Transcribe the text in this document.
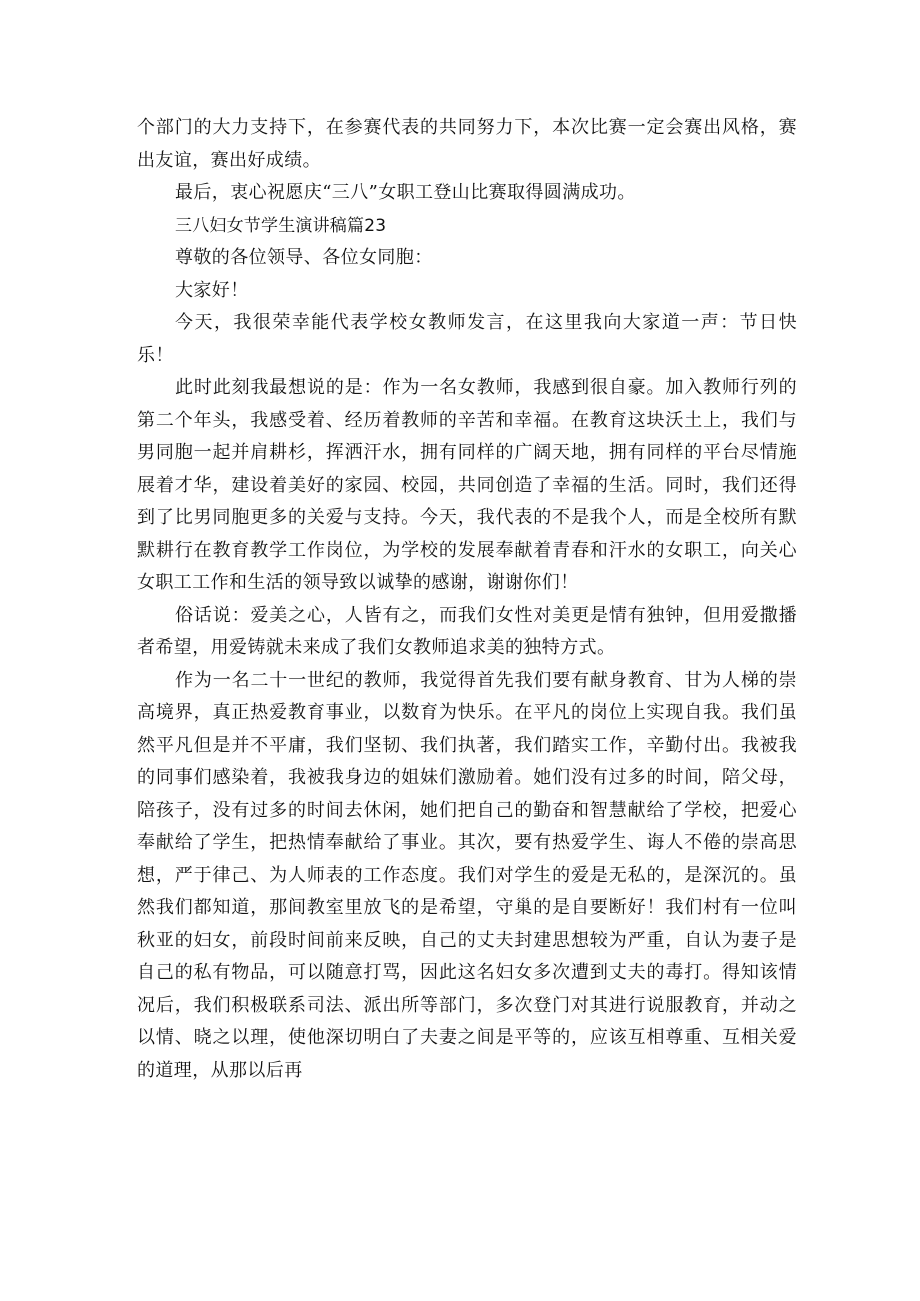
个部门的大力支持下，在参赛代表的共同努力下，本次比赛一定会赛出风格，赛出友谊，赛出好成绩。

最后，衷心祝愿庆“三八”女职工登山比赛取得圆满成功。

三八妇女节学生演讲稿篇23

尊敬的各位领导、各位女同胞：

大家好！

今天，我很荣幸能代表学校女教师发言，在这里我向大家道一声：节日快乐！

此时此刻我最想说的是：作为一名女教师，我感到很自豪。加入教师行列的第二个年头，我感受着、经历着教师的辛苦和幸福。在教育这块沃土上，我们与男同胞一起并肩耕杉，挥洒汗水，拥有同样的广阔天地，拥有同样的平台尽情施展着才华，建设着美好的家园、校园，共同创造了幸福的生活。同时，我们还得到了比男同胞更多的关爱与支持。今天，我代表的不是我个人，而是全校所有默默耕行在教育教学工作岗位，为学校的发展奉献着青春和汗水的女职工，向关心女职工工作和生活的领导致以诚挚的感谢，谢谢你们！

俗话说：爱美之心，人皆有之，而我们女性对美更是情有独钟，但用爱撒播者希望，用爱铸就未来成了我们女教师追求美的独特方式。

作为一名二十一世纪的教师，我觉得首先我们要有献身教育、甘为人梯的崇高境界，真正热爱教育事业，以数育为快乐。在平凡的岗位上实现自我。我们虽然平凡但是并不平庸，我们坚韧、我们执著，我们踏实工作，辛勤付出。我被我的同事们感染着，我被我身边的姐妹们激励着。她们没有过多的时间，陪父母，陪孩子，没有过多的时间去休闲，她们把自己的勤奋和智慧献给了学校，把爱心奉献给了学生，把热情奉献给了事业。其次，要有热爱学生、诲人不倦的崇高思想，严于律己、为人师表的工作态度。我们对学生的爱是无私的，是深沉的。虽然我们都知道，那间教室里放飞的是希望，守巢的是自要断好！我们村有一位叫秋亚的妇女，前段时间前来反映，自己的丈夫封建思想较为严重，自认为妻子是自己的私有物品，可以随意打骂，因此这名妇女多次遭到丈夫的毒打。得知该情况后，我们积极联系司法、派出所等部门，多次登门对其进行说服教育，并动之以情、晓之以理，使他深切明白了夫妻之间是平等的，应该互相尊重、互相关爱的道理，从那以后再
